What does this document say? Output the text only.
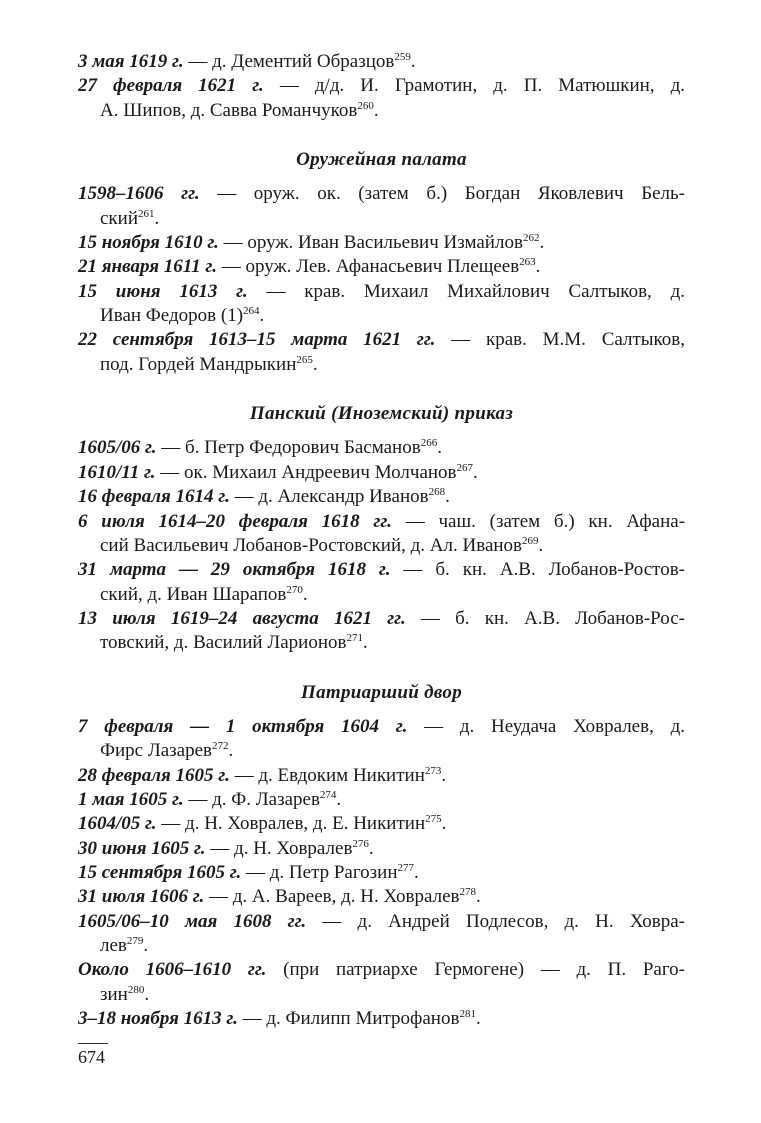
3 мая 1619 г. — д. Дементий Образцов$^{259}$.
27 февраля 1621 г. — д/д. И. Грамотин, д. П. Матюшкин, д.
А. Шипов, д. Савва Романчуков$^{260}$.
Оружейная палата
1598–1606 гг. — оруж. ок. (затем б.) Богдан Яковлевич Бель-
ский$^{261}$.
15 ноября 1610 г. — оруж. Иван Васильевич Измайлов$^{262}$.
21 января 1611 г. — оруж. Лев. Афанасьевич Плещеев$^{263}$.
15 июня 1613 г. — крав. Михаил Михайлович Салтыков, д.
Иван Федоров $(1)^{264}$.
22 сентября 1613–15 марта 1621 гг. — крав. М.М. Салтыков,
под. Гордей Мандрыкин$^{265}$.
Панский (Иноземский) приказ
1605/06 г. — б. Петр Федорович Басманов$^{266}$.
1610/11 г. — ок. Михаил Андреевич Молчанов$^{267}$.
16 февраля 1614 г. — д. Александр Иванов$^{268}$.
6 июля 1614–20 февраля 1618 гг. — чаш. (затем б.) кн. Афана-
сий Васильевич Лобанов-Ростовский, д. Ал. Иванов$^{269}$.
31 марта — 29 октября 1618 г. — б. кн. А.В. Лобанов-Ростов-
ский, д. Иван Шарапов$^{270}$.
13 июля 1619–24 августа 1621 гг. — б. кн. А.В. Лобанов-Рос-
товский, д. Василий Ларионов$^{271}$.
Патриарший двор
7 февраля — 1 октября 1604 г. — д. Неудача Ховралев, д.
Фирс Лазарев$^{272}$.
28 февраля 1605 г. — д. Евдоким Никитин$^{273}$.
1 мая 1605 г. — д. Ф. Лазарев$^{274}$.
1604/05 г. — д. Н. Ховралев, д. Е. Никитин$^{275}$.
30 июня 1605 г. — д. Н. Ховралев$^{276}$.
15 сентября 1605 г. — д. Петр Рагозин$^{277}$.
31 июля 1606 г. — д. А. Вареев, д. Н. Ховралев$^{278}$.
1605/06–10 мая 1608 гг. — д. Андрей Подлесов, д. Н. Ховра-
лев$^{279}$.
Около 1606–1610 гг. (при патриархе Гермогене) — д. П. Раго-
зин$^{280}$.
3–18 ноября 1613 г. — д. Филипп Митрофанов$^{281}$.
674
